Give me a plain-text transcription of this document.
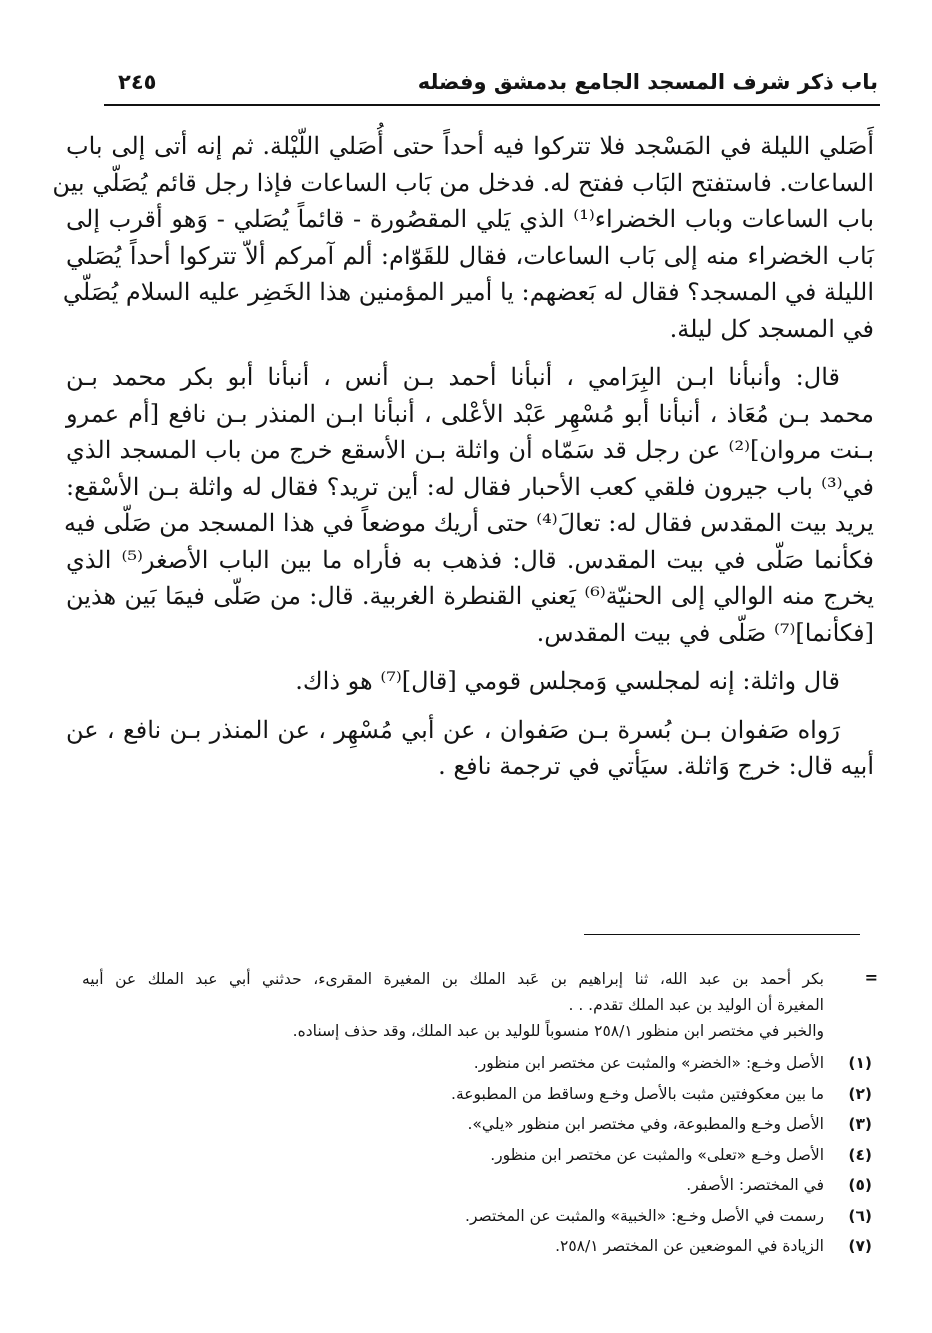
باب ذكر شرف المسجد الجامع بدمشق وفضله
٢٤٥

أَصَلي الليلة في المَسْجد فلا تتركوا فيه أحداً حتى أُصَلي اللّيْلة. ثم إنه أتى إلى باب
الساعات. فاستفتح البَاب ففتح له. فدخل من بَاب الساعات فإذا رجل قائم يُصَلّي بين
باب الساعات وباب الخضراء⁽¹⁾ الذي يَلي المقصُورة - قائماً يُصَلي - وَهو أقرب إلى
بَاب الخضراء منه إلى بَاب الساعات، فقال للقَوّام: ألم آمركم ألاّ تتركوا أحداً يُصَلي
الليلة في المسجد؟ فقال له بَعضهم: يا أمير المؤمنين هذا الخَضِر عليه السلام يُصَلّي
في المسجد كل ليلة.

قال: وأنبأنا ابـن البِرَامي ، أنبأنا أحمد بـن أنس ، أنبأنا أبو بكر محمد بـن
محمد بـن مُعَاذ ، أنبأنا أبو مُسْهِر عَبْد الأعْلى ، أنبأنا ابـن المنذر بـن نافع [أم عمرو
بـنت مروان]⁽²⁾ عن رجل قد سَمّاه أن واثلة بـن الأسقع خرج من باب المسجد الذي
في⁽³⁾ باب جيرون فلقي كعب الأحبار فقال له: أين تريد؟ فقال له واثلة بـن الأسْقع:
يريد بيت المقدس فقال له: تعالَ⁽⁴⁾ حتى أريك موضعاً في هذا المسجد من صَلّى فيه
فكأنما صَلّى في بيت المقدس. قال: فذهب به فأراه ما بين الباب الأصغر⁽⁵⁾ الذي
يخرج منه الوالي إلى الحنيّة⁽⁶⁾ يَعني القنطرة الغربية. قال: من صَلّى فيمَا بَين هذين
[فكأنما]⁽⁷⁾ صَلّى في بيت المقدس.

قال واثلة: إنه لمجلسي وَمجلس قومي [قال]⁽⁷⁾ هو ذاك.

رَواه صَفوان بـن بُسرة بـن صَفوان ، عن أبي مُسْهِر ، عن المنذر بـن نافع ، عن
أبيه قال: خرج وَاثلة. سيَأتي في ترجمة نافع .

=
بكر أحمد بن عبد الله، ثنا إبراهيم بن عَبد الملك بن المغيرة المقرىء، حدثني أبي عبد الملك عن أبيه
المغيرة أن الوليد بن عبد الملك تقدم. . .
والخبر في مختصر ابن منظور ٢٥٨/١ منسوباً للوليد بن عبد الملك، وقد حذف إسناده.
(١)
الأصل وخـع: «الخضر» والمثبت عن مختصر ابن منظور.
(٢)
ما بين معكوفتين مثبت بالأصل وخـع وساقط من المطبوعة.
(٣)
الأصل وخـع والمطبوعة، وفي مختصر ابن منظور «يلي».
(٤)
الأصل وخـع «تعلى» والمثبت عن مختصر ابن منظور.
(٥)
في المختصر: الأصفر.
(٦)
رسمت في الأصل وخـع: «الخبية» والمثبت عن المختصر.
(٧)
الزيادة في الموضعين عن المختصر ٢٥٨/١.
